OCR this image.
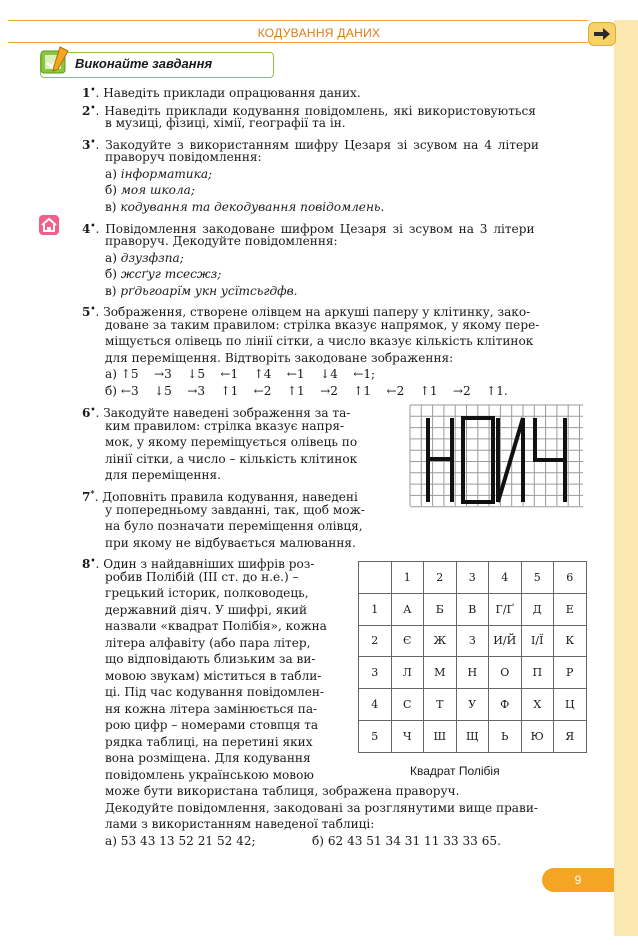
КОДУВАННЯ ДАНИХ
Виконайте завдання
1•. Наведіть приклади опрацювання даних.
2•. Наведіть приклади кодування повідомлень, які використовуються
в музиці, фізиці, хімії, географії та ін.
3•. Закодуйте з використанням шифру Цезаря зі зсувом на 4 літери
праворуч повідомлення:
а) інформатика;
б) моя школа;
в) кодування та декодування повідомлень.
4•. Повідомлення закодоване шифром Цезаря зі зсувом на 3 літери
праворуч. Декодуйте повідомлення:
а) дзузфзпа;
б) жсґуг тсесжз;
в) рґдьгоарїм укн усїтсьгдфв.
5•. Зображення, створене олівцем на аркуші паперу у клітинку, зако-
доване за таким правилом: стрілка вказує напрямок, у якому пере-
міщується олівець по лінії сітки, а число вказує кількість клітинок
для переміщення. Відтворіть закодоване зображення:
а) ↑5    →3    ↓5    ←1    ↑4    ←1    ↓4    ←1;
б) ←3    ↓5    →3    ↑1    ←2    ↑1    →2    ↑1    ←2    ↑1    →2    ↑1.
6•. Закодуйте наведені зображення за та-
ким правилом: стрілка вказує напря-
мок, у якому переміщується олівець по
лінії сітки, а число – кількість клітинок
для переміщення.
7*. Доповніть правила кодування, наведені
у попередньому завданні, так, щоб мож-
на було позначати переміщення олівця,
при якому не відбувається малювання.
8•. Один з найдавніших шифрів роз-
робив Полібій (ІІІ ст. до н.е.) –
грецький історик, полководець,
державний діяч. У шифрі, який
назвали «квадрат Полібія», кожна
літера алфавіту (або пара літер,
що відповідають близьким за ви-
мовою звукам) міститься в табли-
ці. Під час кодування повідомлен-
ня кожна літера замінюється па-
рою цифр – номерами стовпця та
рядка таблиці, на перетині яких
вона розміщена. Для кодування
повідомлень українською мовою
може бути використана таблиця, зображена праворуч.
Декодуйте повідомлення, закодовані за розглянутими вище прави-
лами з використанням наведеної таблиці:
а) 53 43 13 52 21 52 42;	б) 62 43 51 34 31 11 33 33 65.
	1	2	3	4	5	6
1	А	Б	В	Г/Ґ	Д	Е
2	Є	Ж	З	И/Й	І/Ї	К
3	Л	М	Н	О	П	Р
4	С	Т	У	Ф	Х	Ц
5	Ч	Ш	Щ	Ь	Ю	Я
Квадрат Полібія
9
